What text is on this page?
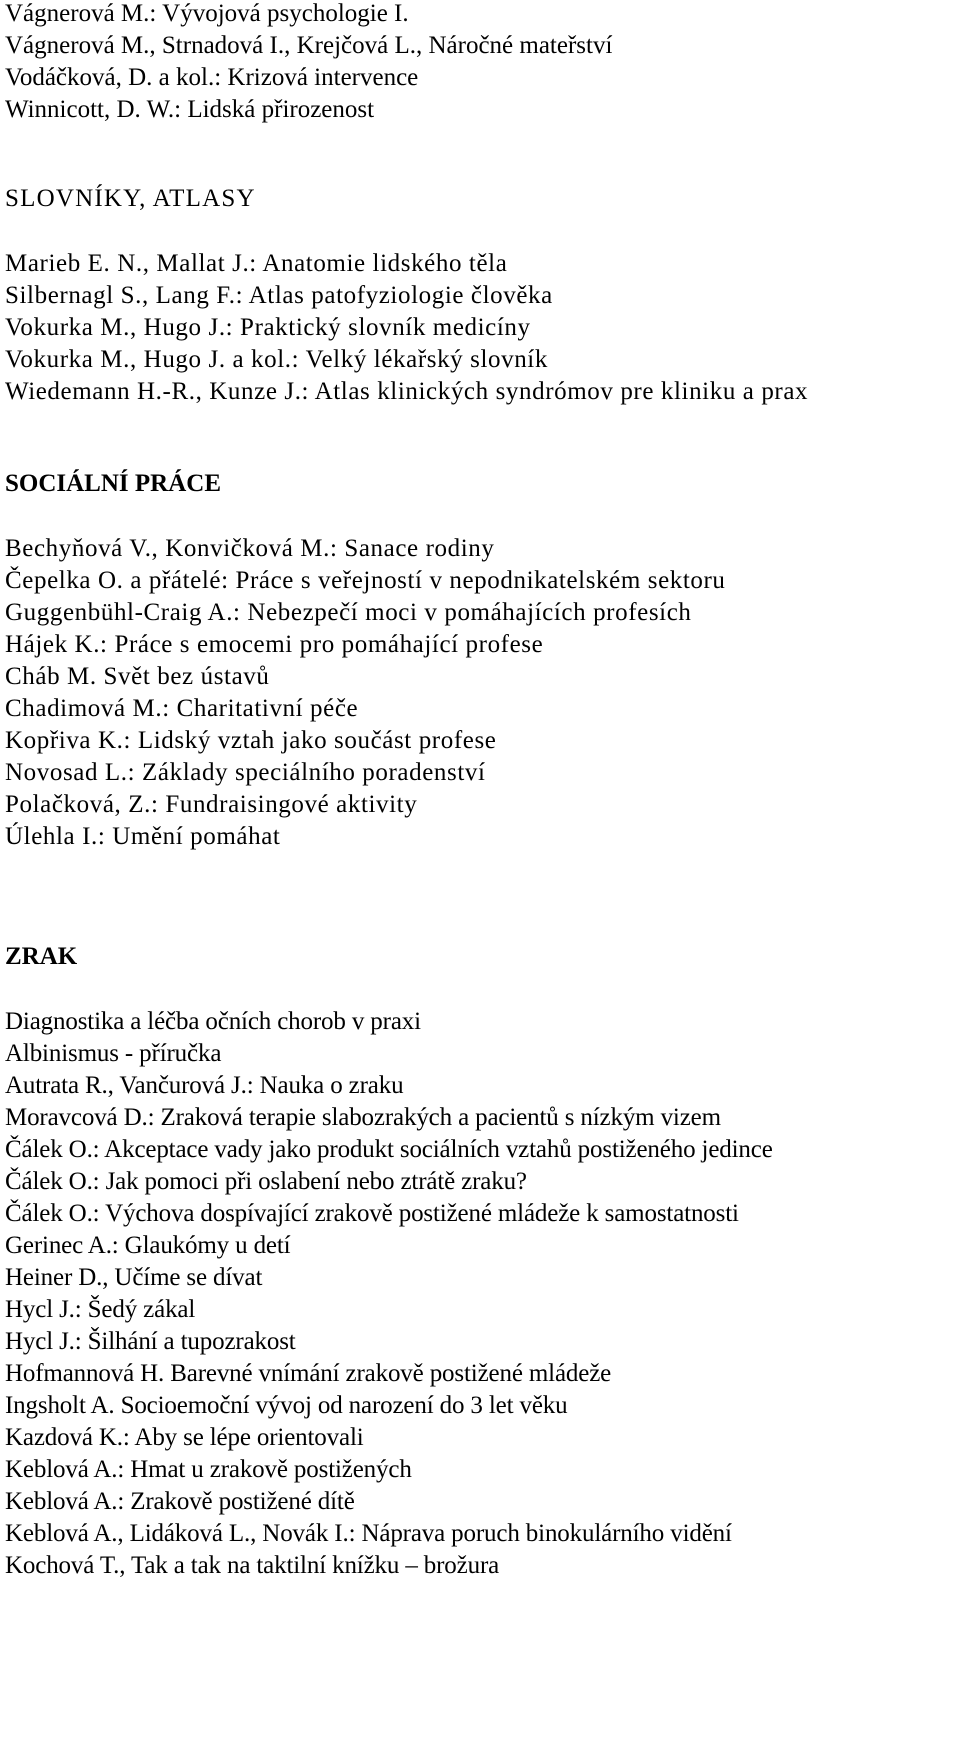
Vágnerová M.: Vývojová psychologie I.
Vágnerová M., Strnadová I., Krejčová L., Náročné mateřství
Vodáčková, D. a kol.: Krizová intervence
Winnicott, D. W.: Lidská přirozenost
SLOVNÍKY, ATLASY
Marieb E. N., Mallat J.: Anatomie lidského těla
Silbernagl S., Lang F.: Atlas patofyziologie člověka
Vokurka M., Hugo J.: Praktický slovník medicíny
Vokurka M., Hugo J. a kol.: Velký lékařský slovník
Wiedemann H.-R., Kunze J.: Atlas klinických syndrómov pre kliniku a prax
SOCIÁLNÍ PRÁCE
Bechyňová V., Konvičková M.: Sanace rodiny
Čepelka O. a přátelé: Práce s veřejností v nepodnikatelském sektoru
Guggenbühl-Craig A.: Nebezpečí moci v pomáhajících profesích
Hájek K.: Práce s emocemi pro pomáhající profese
Cháb M. Svět bez ústavů
Chadimová M.: Charitativní péče
Kopřiva K.: Lidský vztah jako součást profese
Novosad L.: Základy speciálního poradenství
Polačková, Z.: Fundraisingové aktivity
Úlehla I.: Umění pomáhat
ZRAK
Diagnostika a léčba očních chorob v praxi
Albinismus - příručka
Autrata R., Vančurová J.: Nauka o zraku
Moravcová D.: Zraková terapie slabozrakých a pacientů s nízkým vizem
Čálek O.: Akceptace vady jako produkt sociálních vztahů postiženého jedince
Čálek O.: Jak pomoci při oslabení nebo ztrátě zraku?
Čálek O.: Výchova dospívající zrakově postižené mládeže k samostatnosti
Gerinec A.: Glaukómy u detí
Heiner D., Učíme se dívat
Hycl J.: Šedý zákal
Hycl J.: Šilhání a tupozrakost
Hofmannová H. Barevné vnímání zrakově postižené mládeže
Ingsholt A. Socioemoční vývoj od narození do 3 let věku
Kazdová K.: Aby se lépe orientovali
Keblová A.: Hmat u zrakově postižených
Keblová A.: Zrakově postižené dítě
Keblová A., Lidáková L., Novák I.: Náprava poruch binokulárního vidění
Kochová T., Tak a tak na taktilní knížku – brožura
